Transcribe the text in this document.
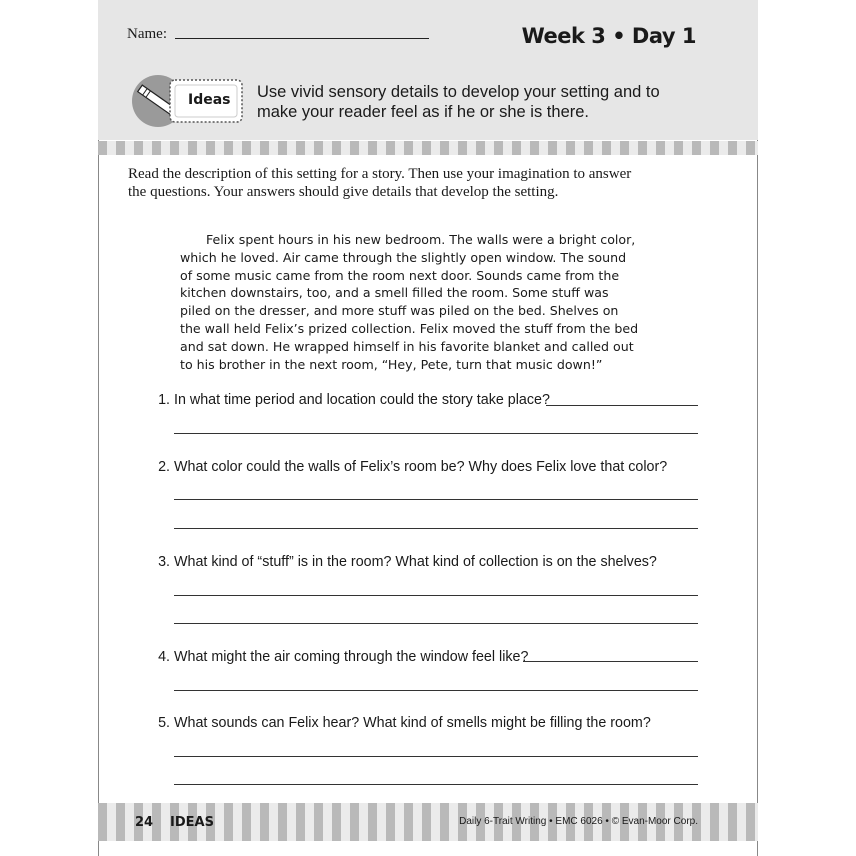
Name:	Week 3 • Day 1
Ideas Use vivid sensory details to develop your setting and to make your reader feel as if he or she is there.
Read the description of this setting for a story. Then use your imagination to answer the questions. Your answers should give details that develop the setting.

Felix spent hours in his new bedroom. The walls were a bright color, which he loved. Air came through the slightly open window. The sound of some music came from the room next door. Sounds came from the kitchen downstairs, too, and a smell filled the room. Some stuff was piled on the dresser, and more stuff was piled on the bed. Shelves on the wall held Felix’s prized collection. Felix moved the stuff from the bed and sat down. He wrapped himself in his favorite blanket and called out to his brother in the next room, “Hey, Pete, turn that music down!”

1. In what time period and location could the story take place?
2. What color could the walls of Felix’s room be? Why does Felix love that color?
3. What kind of “stuff” is in the room? What kind of collection is on the shelves?
4. What might the air coming through the window feel like?
5. What sounds can Felix hear? What kind of smells might be filling the room?
24 IDEAS	Daily 6-Trait Writing • EMC 6026 • © Evan-Moor Corp.
